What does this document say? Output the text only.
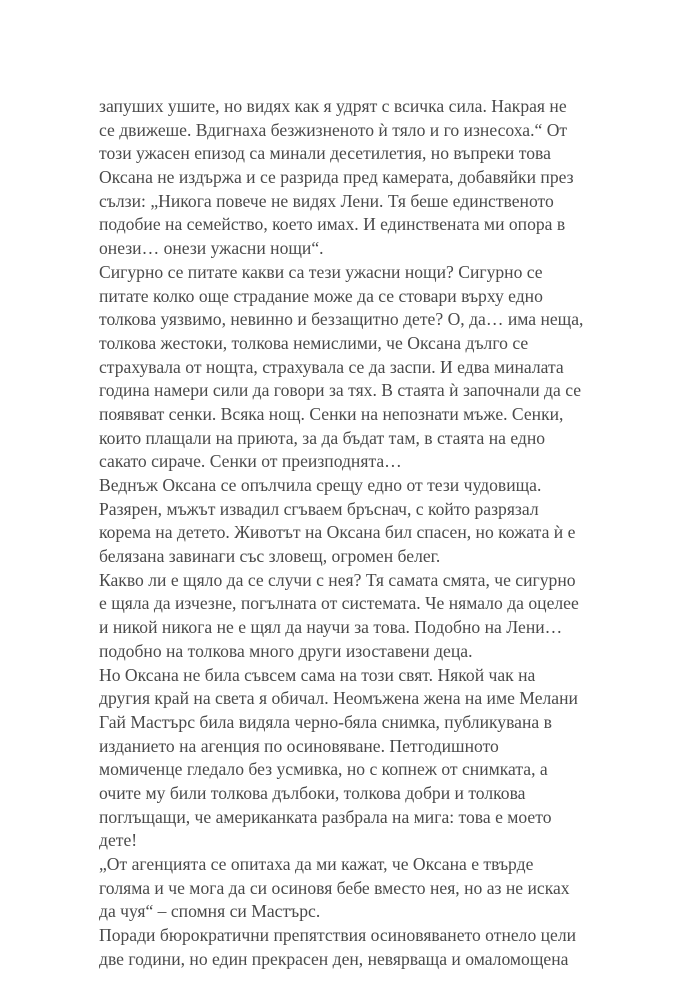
запуших ушите, но видях как я удрят с всичка сила. Накрая не
се движеше. Вдигнаха безжизненото ѝ тяло и го изнесоха.“ От
този ужасен епизод са минали десетилетия, но въпреки това
Оксана не издържа и се разрида пред камерата, добавяйки през
сълзи: „Никога повече не видях Лени. Тя беше единственото
подобие на семейство, което имах. И единствената ми опора в
онези… онези ужасни нощи“.
Сигурно се питате какви са тези ужасни нощи? Сигурно се
питате колко още страдание може да се стовари върху едно
толкова уязвимо, невинно и беззащитно дете? О, да… има неща,
толкова жестоки, толкова немислими, че Оксана дълго се
страхувала от нощта, страхувала се да заспи. И едва миналата
година намери сили да говори за тях. В стаята ѝ започнали да се
появяват сенки. Всяка нощ. Сенки на непознати мъже. Сенки,
които плащали на приюта, за да бъдат там, в стаята на едно
сакато сираче. Сенки от преизподнята…
Веднъж Оксана се опълчила срещу едно от тези чудовища.
Разярен, мъжът извадил сгъваем бръснач, с който разрязал
корема на детето. Животът на Оксана бил спасен, но кожата ѝ е
белязана завинаги със зловещ, огромен белег.
Какво ли е щяло да се случи с нея? Тя самата смята, че сигурно
е щяла да изчезне, погълната от системата. Че нямало да оцелее
и никой никога не е щял да научи за това. Подобно на Лени…
подобно на толкова много други изоставени деца.
Но Оксана не била съвсем сама на този свят. Някой чак на
другия край на света я обичал. Неомъжена жена на име Мелани
Гай Мастърс била видяла черно-бяла снимка, публикувана в
изданието на агенция по осиновяване. Петгодишното
момиченце гледало без усмивка, но с копнеж от снимката, а
очите му били толкова дълбоки, толкова добри и толкова
поглъщащи, че американката разбрала на мига: това е моето
дете!
„От агенцията се опитаха да ми кажат, че Оксана е твърде
голяма и че мога да си осиновя бебе вместо нея, но аз не исках
да чуя“ – спомня си Мастърс.
Поради бюрократични препятствия осиновяването отнело цели
две години, но един прекрасен ден, невярваща и омаломощена
